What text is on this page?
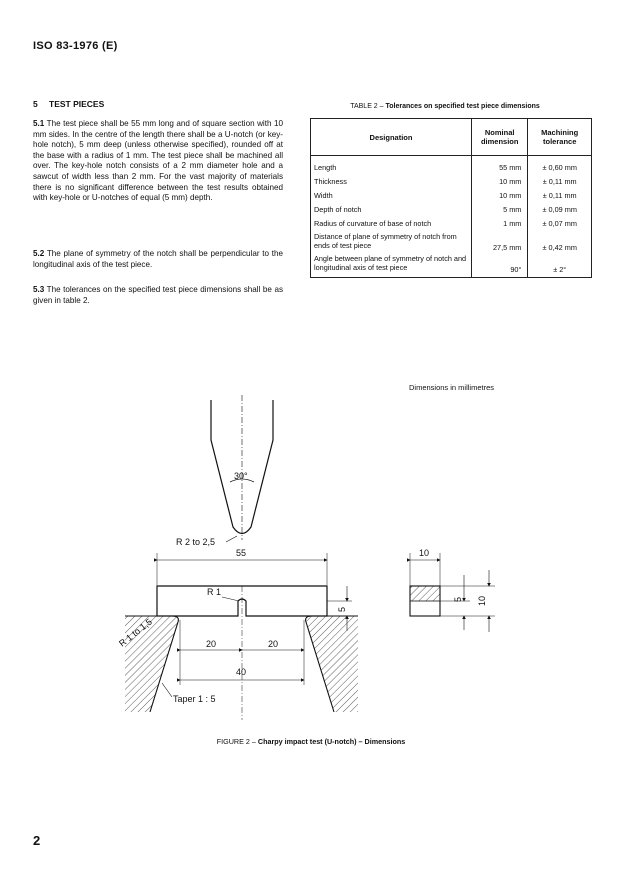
ISO 83-1976 (E)
5 TEST PIECES
5.1 The test piece shall be 55 mm long and of square section with 10 mm sides. In the centre of the length there shall be a U-notch (or key-hole notch), 5 mm deep (unless otherwise specified), rounded off at the base with a radius of 1 mm. The test piece shall be machined all over. The key-hole notch consists of a 2 mm diameter hole and a sawcut of width less than 2 mm. For the vast majority of materials there is no significant difference between the test results obtained with key-hole or U-notches of equal (5 mm) depth.
5.2 The plane of symmetry of the notch shall be perpendicular to the longitudinal axis of the test piece.
5.3 The tolerances on the specified test piece dimensions shall be as given in table 2.
TABLE 2 – Tolerances on specified test piece dimensions
Designation	Nominal dimension	Machining tolerance
Length	55 mm	± 0,60 mm
Thickness	10 mm	± 0,11 mm
Width	10 mm	± 0,11 mm
Depth of notch	5 mm	± 0,09 mm
Radius of curvature of base of notch	1 mm	± 0,07 mm
Distance of plane of symmetry of notch from ends of test piece	27,5 mm	± 0,42 mm
Angle between plane of symmetry of notch and longitudinal axis of test piece	90°	± 2°
Dimensions in millimetres
30°
R 2 to 2,5
55
R 1
5
R 1 to 1,5	20	20
40
Taper 1 : 5
10
5 10
FIGURE 2 – Charpy impact test (U-notch) – Dimensions
2
